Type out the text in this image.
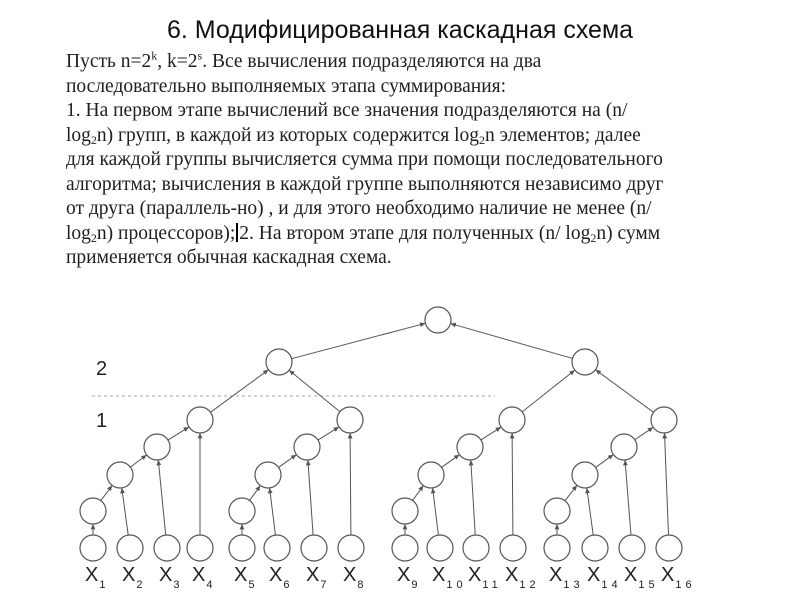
6. Модифицированная каскадная схема

Пусть $n=2^k$, $k=2^s$. Все вычисления подразделяются на два последовательно выполняемых этапа суммирования:

1. На первом этапе вычислений все значения подразделяются на (n/ $\log_2n$) групп, в каждой из которых содержится $\log_2n$ элементов; далее для каждой группы вычисляется сумма при помощи последовательного алгоритма; вычисления в каждой группе выполняются независимо друг от друга (параллель-но) , и для этого необходимо наличие не менее (n/ $\log_2n$) процессоров); 2. На втором этапе для полученных (n/ $\log_2n$) сумм применяется обычная каскадная схема.

2
1
$X_1$ $X_2$ $X_3$ $X_4$ $X_5$ $X_6$ $X_7$ $X_8$ $X_9$ $X_{10}$ $X_{11}$ $X_{12}$ $X_{13}$ $X_{14}$ $X_{15}$ $X_{16}$
